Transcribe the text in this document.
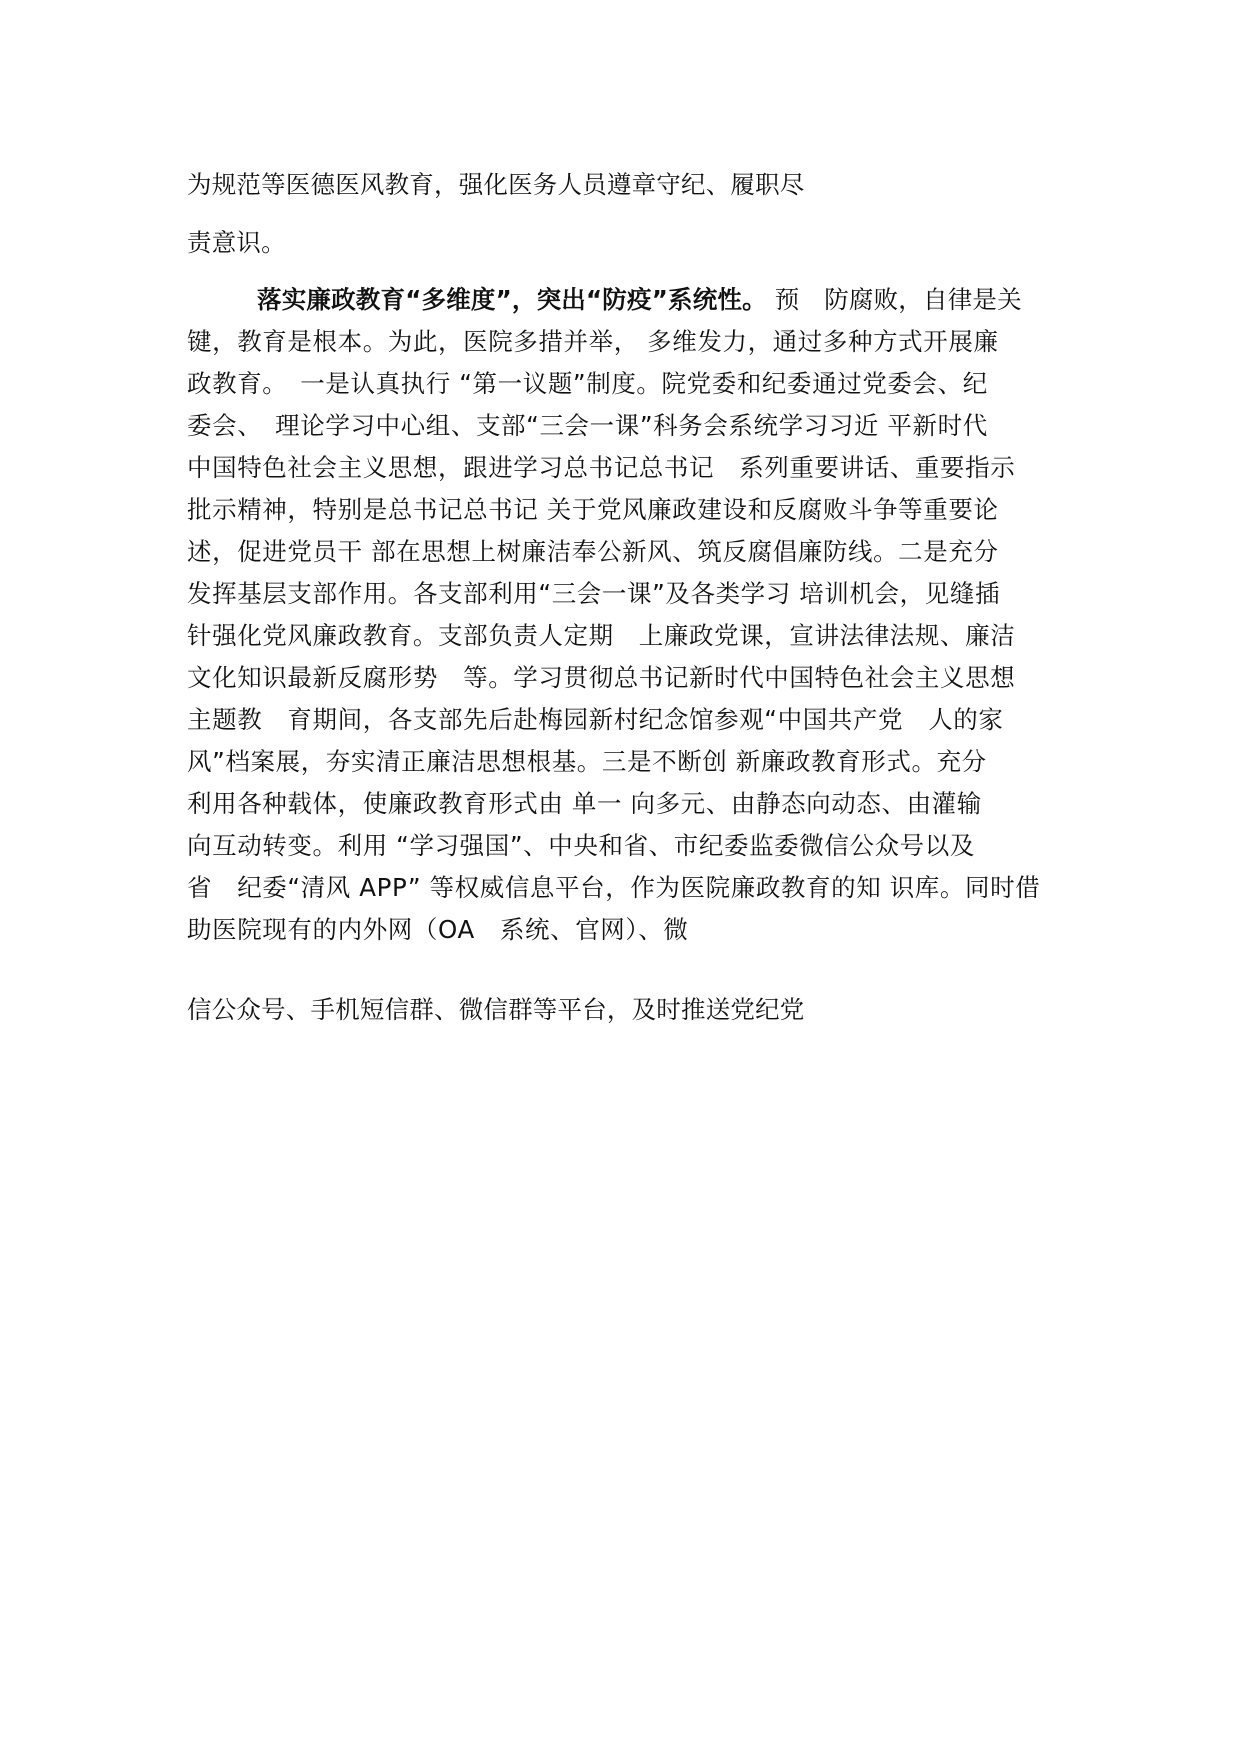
为规范等医德医风教育，强化医务人员遵章守纪、履职尽
责意识。
落实廉政教育“多维度”，突出“防疫”系统性。 预　防腐败，自律是关
键，教育是根本。为此，医院多措并举， 多维发力，通过多种方式开展廉
政教育。　一是认真执行 “第一议题”制度。院党委和纪委通过党委会、纪
委会、　理论学习中心组、支部“三会一课”科务会系统学习习近 平新时代
中国特色社会主义思想，跟进学习总书记总书记　系列重要讲话、重要指示
批示精神，特别是总书记总书记 关于党风廉政建设和反腐败斗争等重要论
述，促进党员干 部在思想上树廉洁奉公新风、筑反腐倡廉防线。二是充分
发挥基层支部作用。各支部利用“三会一课”及各类学习 培训机会，见缝插
针强化党风廉政教育。支部负责人定期　上廉政党课，宣讲法律法规、廉洁
文化知识最新反腐形势　等。学习贯彻总书记新时代中国特色社会主义思想
主题教　育期间，各支部先后赴梅园新村纪念馆参观“中国共产党　人的家
风”档案展，夯实清正廉洁思想根基。三是不断创 新廉政教育形式。充分
利用各种载体，使廉政教育形式由 单一 向多元、由静态向动态、由灌输
向互动转变。利用 “学习强国”、中央和省、市纪委监委微信公众号以及
省　纪委“清风 APP” 等权威信息平台，作为医院廉政教育的知 识库。同时借
助医院现有的内外网（OA　系统、官网）、微
信公众号、手机短信群、微信群等平台，及时推送党纪党
